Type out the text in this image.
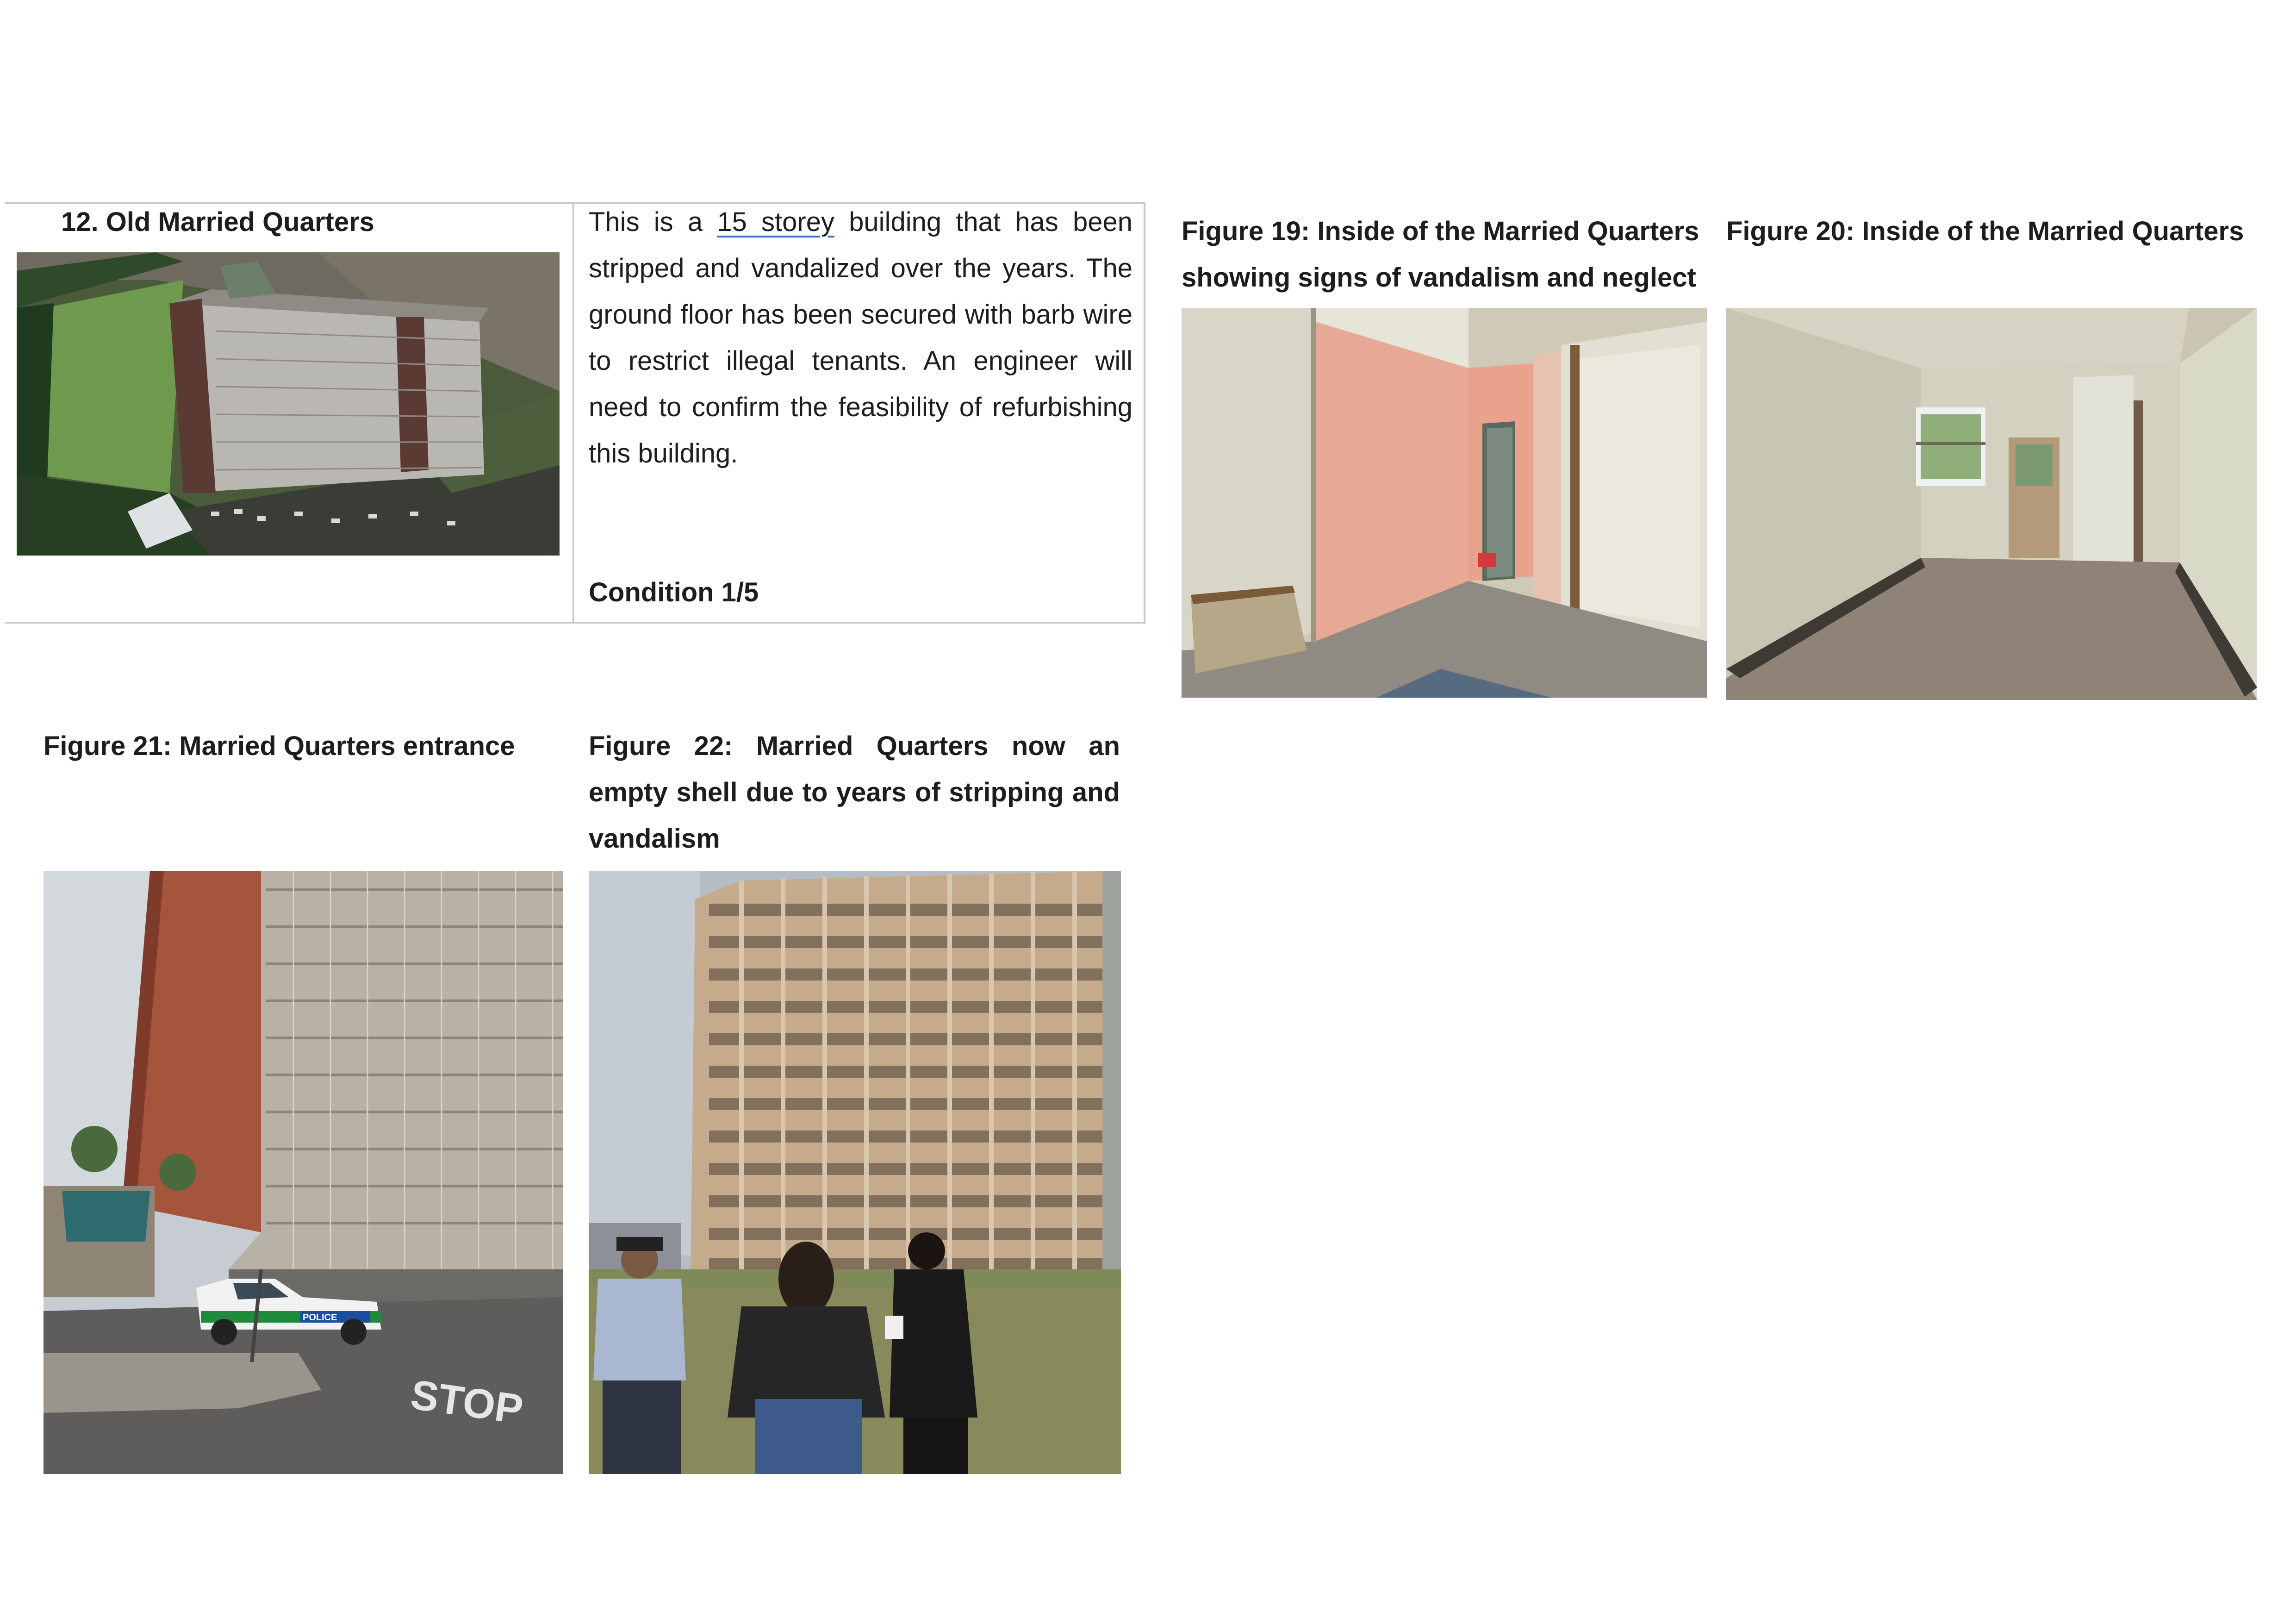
12. Old Married Quarters	This is a 15 storey building that has been stripped and vandalized over the years. The ground floor has been secured with barb wire to restrict illegal tenants. An engineer will need to confirm the feasibility of refurbishing this building.
Condition 1/5
Figure 19: Inside of the Married Quarters showing signs of vandalism and neglect
Figure 20: Inside of the Married Quarters
Figure 21: Married Quarters entrance	Figure 22: Married Quarters now an empty shell due to years of stripping and vandalism
POLICE
STOP
